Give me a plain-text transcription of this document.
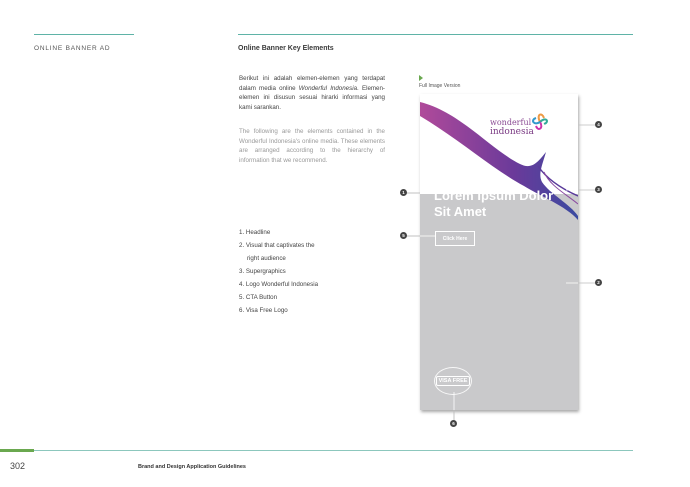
ONLINE BANNER AD	Online Banner Key Elements
Berikut ini adalah elemen-elemen yang terdapat dalam media online Wonderful Indonesia. Elemen-elemen ini disusun sesuai hirarki informasi yang kami sarankan.
The following are the elements contained in the Wonderful Indonesia's online media. These elements are arranged according to the hierarchy of information that we recommend.
1. Headline
2. Visual that captivates the right audience
3. Supergraphics
4. Logo Wonderful Indonesia
5. CTA Button
6. Visa Free Logo
Full Image Version
wonderful
indonesia
Lorem Ipsum Dolor Sit Amet
Click Here
VISA FREE
1
5
4
3
2
6
302	Brand and Design Application Guidelines
